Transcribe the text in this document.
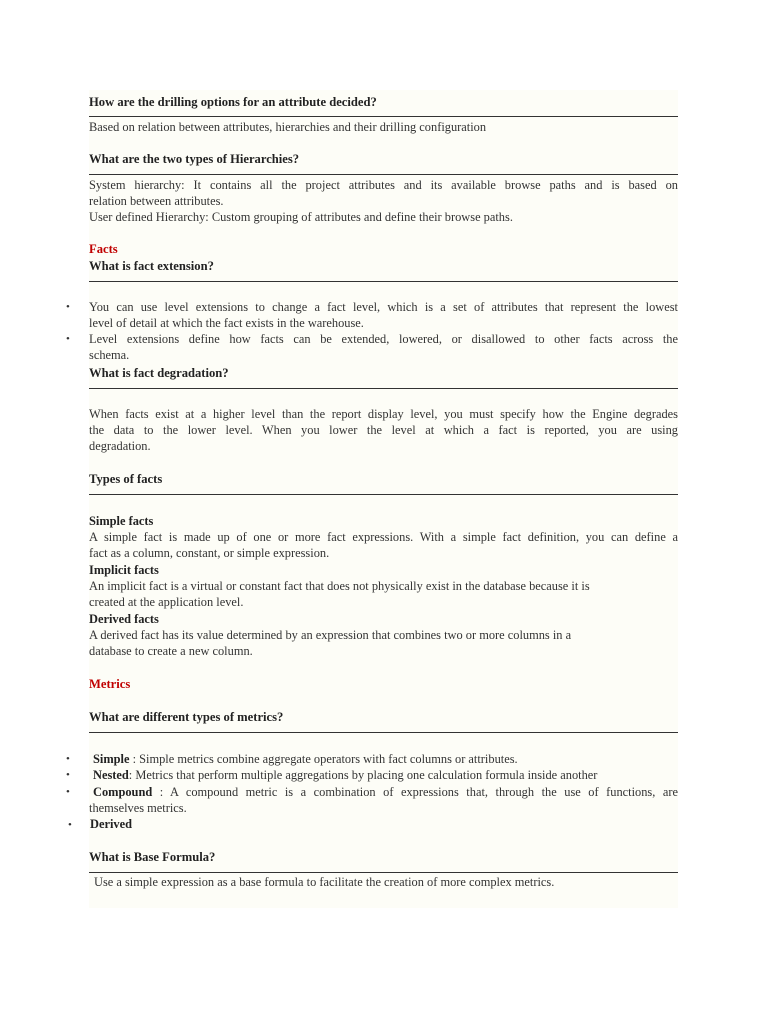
How are the drilling options for an attribute decided?
Based on relation between attributes, hierarchies and their drilling configuration
What are the two types of Hierarchies?
System hierarchy: It contains all the project attributes and its available browse paths and is based on
relation between attributes.
User defined Hierarchy: Custom grouping of attributes and define their browse paths.
Facts
What is fact extension?
• You can use level extensions to change a fact level, which is a set of attributes that represent the lowest
level of detail at which the fact exists in the warehouse.
• Level extensions define how facts can be extended, lowered, or disallowed to other facts across the
schema.
What is fact degradation?
When facts exist at a higher level than the report display level, you must specify how the Engine degrades
the data to the lower level. When you lower the level at which a fact is reported, you are using
degradation.
Types of facts
Simple facts
A simple fact is made up of one or more fact expressions. With a simple fact definition, you can define a
fact as a column, constant, or simple expression.
Implicit facts
An implicit fact is a virtual or constant fact that does not physically exist in the database because it is
created at the application level.
Derived facts
A derived fact has its value determined by an expression that combines two or more columns in a
database to create a new column.
Metrics
What are different types of metrics?
• Simple : Simple metrics combine aggregate operators with fact columns or attributes.
• Nested: Metrics that perform multiple aggregations by placing one calculation formula inside another
•	Compound : A compound metric is a combination of expressions that, through the use of functions, are
themselves metrics.
• Derived
What is Base Formula?
Use a simple expression as a base formula to facilitate the creation of more complex metrics.
